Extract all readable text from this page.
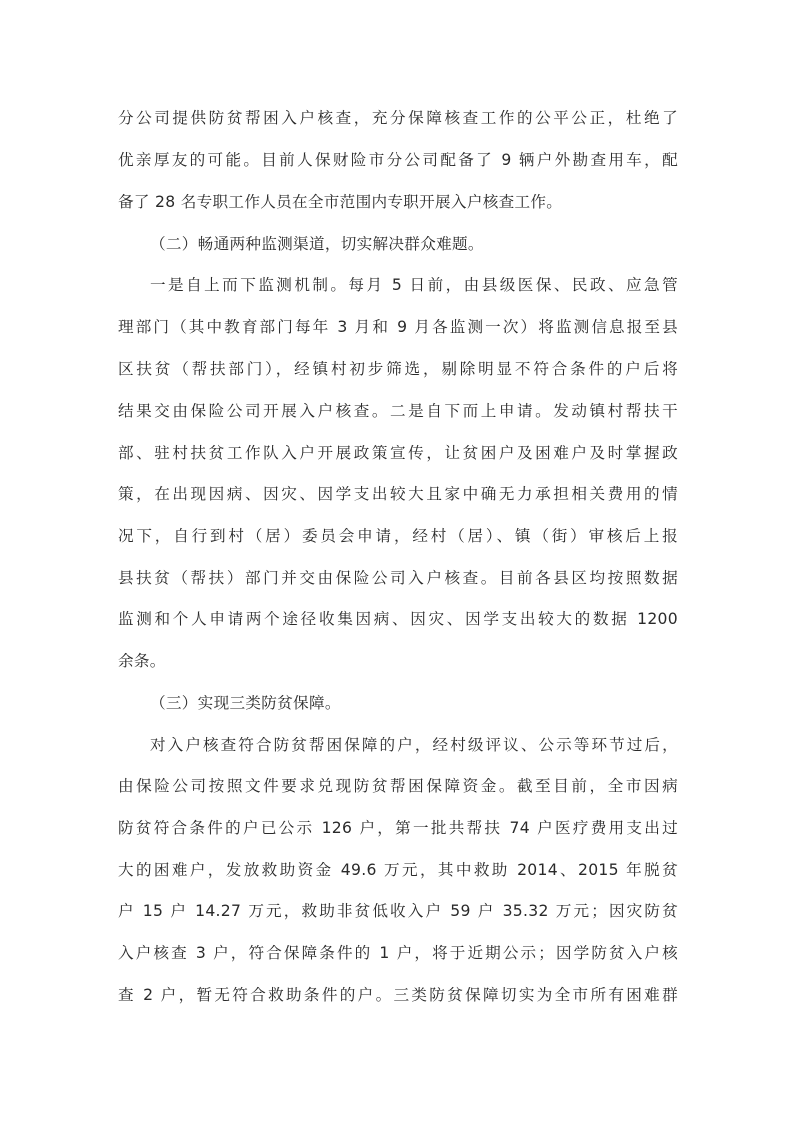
分公司提供防贫帮困入户核查，充分保障核查工作的公平公正，杜绝了
优亲厚友的可能。目前人保财险市分公司配备了 9 辆户外勘查用车，配
备了 28 名专职工作人员在全市范围内专职开展入户核查工作。
（二）畅通两种监测渠道，切实解决群众难题。
一是自上而下监测机制。每月 5 日前，由县级医保、民政、应急管
理部门（其中教育部门每年 3 月和 9 月各监测一次）将监测信息报至县
区扶贫（帮扶部门），经镇村初步筛选，剔除明显不符合条件的户后将
结果交由保险公司开展入户核查。二是自下而上申请。发动镇村帮扶干
部、驻村扶贫工作队入户开展政策宣传，让贫困户及困难户及时掌握政
策，在出现因病、因灾、因学支出较大且家中确无力承担相关费用的情
况下，自行到村（居）委员会申请，经村（居）、镇（街）审核后上报
县扶贫（帮扶）部门并交由保险公司入户核查。目前各县区均按照数据
监测和个人申请两个途径收集因病、因灾、因学支出较大的数据 1200
余条。
（三）实现三类防贫保障。
对入户核查符合防贫帮困保障的户，经村级评议、公示等环节过后，
由保险公司按照文件要求兑现防贫帮困保障资金。截至目前，全市因病
防贫符合条件的户已公示 126 户，第一批共帮扶 74 户医疗费用支出过
大的困难户，发放救助资金 49.6 万元，其中救助 2014、2015 年脱贫
户 15 户 14.27 万元，救助非贫低收入户 59 户 35.32 万元；因灾防贫
入户核查 3 户，符合保障条件的 1 户，将于近期公示；因学防贫入户核
查 2 户，暂无符合救助条件的户。三类防贫保障切实为全市所有困难群
